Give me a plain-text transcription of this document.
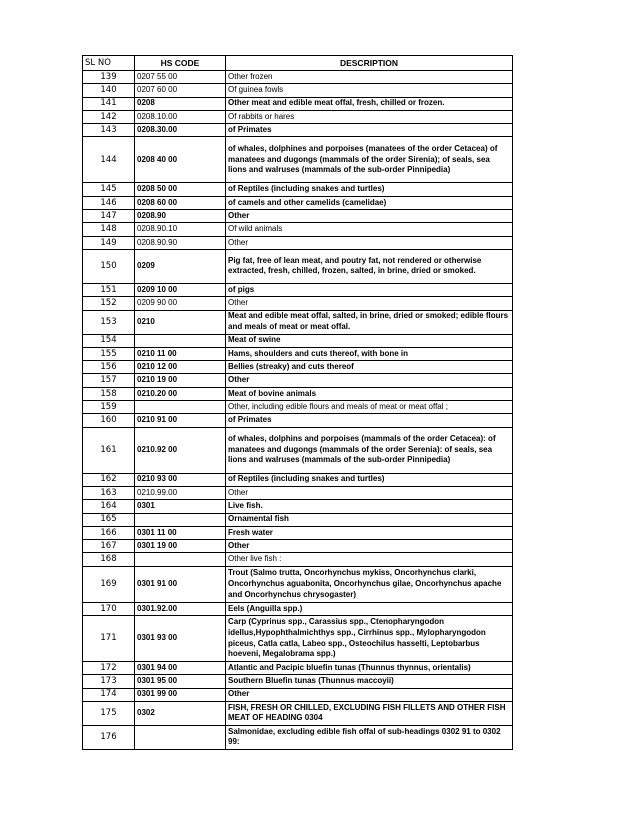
SL NO	HS CODE	DESCRIPTION
139	0207 55 00	Other frozen
140	0207 60 00	Of guinea fowls
141	0208	Other meat and edible meat offal, fresh, chilled or frozen.
142	0208.10.00	Of rabbits or hares
143	0208.30.00	of Primates
144	0208 40 00	of whales, dolphines and porpoises (manatees of the order Cetacea) of manatees and dugongs (mammals of the order Sirenia); of seals, sea lions and walruses (mammals of the sub-order Pinnipedia)
145	0208 50 00	of Reptiles (including snakes and turtles)
146	0208 60 00	of camels and other camelids (camelidae)
147	0208.90	Other
148	0208.90.10	Of wild animals
149	0208.90.90	Other
150	0209	Pig fat, free of lean meat, and poutry fat, not rendered or otherwise extracted, fresh, chilled, frozen, salted, in brine, dried or smoked.
151	0209 10 00	of pigs
152	0209 90 00	Other
153	0210	Meat and edible meat offal, salted, in brine, dried or smoked; edible flours and meals of meat or meat offal.
154		Meat of swine
155	0210 11 00	Hams, shoulders and cuts thereof, with bone in
156	0210 12 00	Bellies (streaky) and cuts thereof
157	0210 19 00	Other
158	0210.20 00	Meat of bovine animals
159		Other, including edible flours and meals of meat or meat offal ;
160	0210 91 00	of Primates
161	0210.92 00	of whales, dolphins and porpoises (mammals of the order Cetacea): of manatees and dugongs (mammals of the order Serenia): of seals, sea lions and walruses (mammals of the sub-order Pinnipedia)
162	0210 93 00	of Reptiles (including snakes and turtles)
163	0210.99.00	Other
164	0301	Live fish.
165		Ornamental fish
166	0301 11 00	Fresh water
167	0301 19 00	Other
168		Other live fish :
169	0301 91 00	Trout (Salmo trutta, Oncorhynchus mykiss, Oncorhynchus clarki, Oncorhynchus aguabonita, Oncorhynchus gilae, Oncorhynchus apache and Oncorhynchus chrysogaster)
170	0301.92.00	Eels (Anguilla spp.)
171	0301 93 00	Carp (Cyprinus spp., Carassius spp., Ctenopharyngodon idellus,Hypophthalmichthys spp., Cirrhinus spp., Mylopharyngodon piceus, Catla catla, Labeo spp., Osteochilus hasselti, Leptobarbus hoeveni, Megalobrama spp.)
172	0301 94 00	Atlantic and Pacipic bluefin tunas (Thunnus thynnus, orientalis)
173	0301 95 00	Southern Bluefin tunas (Thunnus maccoyii)
174	0301 99 00	Other
175	0302	FISH, FRESH OR CHILLED, EXCLUDING FISH FILLETS AND OTHER FISH MEAT OF HEADING 0304
176		Salmonidae, excluding edible fish offal of sub-headings 0302 91 to 0302 99:
